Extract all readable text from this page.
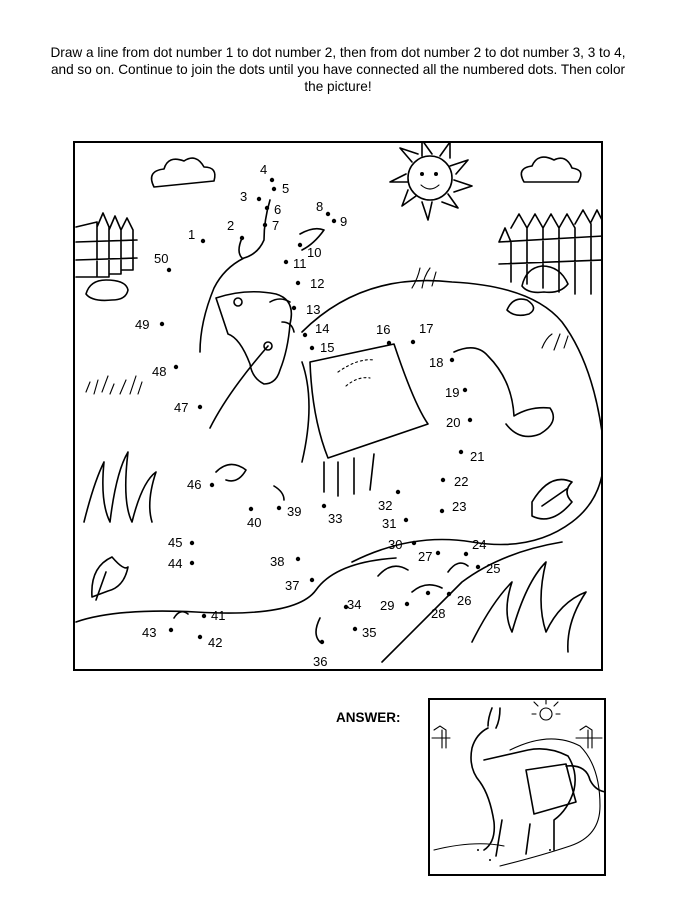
Draw a line from dot number 1 to dot number 2, then from dot number 2 to dot number 3, 3 to 4, and so on. Continue to join the dots until you have connected all the numbered dots. Then color the picture!
1
2
3
4
5
6
7
8
9
10
11
12
13
14
15
16 17
18
19
20
21
22
23
24
25
26
27
28
29
30
31
32
33
34
35
36
37
38
39
40
41
42
43
44
45
46
47
48
49
50
ANSWER:
